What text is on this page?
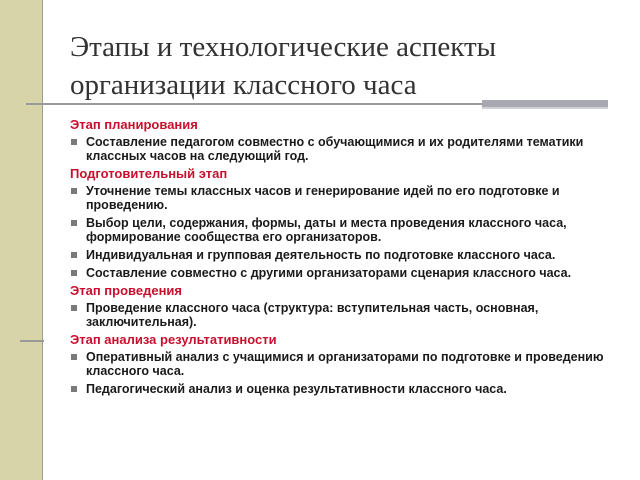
Этапы и технологические аспекты
организации классного часа
Этап планирования
Составление педагогом совместно с обучающимися и их родителями тематики классных часов на следующий год.
Подготовительный этап
Уточнение темы классных часов и генерирование идей по его подготовке и проведению.
Выбор цели, содержания, формы, даты и места проведения классного часа, формирование сообщества его организаторов.
Индивидуальная и групповая деятельность по подготовке классного часа.
Составление совместно с другими организаторами сценария классного часа.
Этап проведения
Проведение классного часа (структура: вступительная часть, основная, заключительная).
Этап анализа результативности
Оперативный анализ с учащимися и организаторами по подготовке и проведению классного часа.
Педагогический анализ и оценка результативности классного часа.
